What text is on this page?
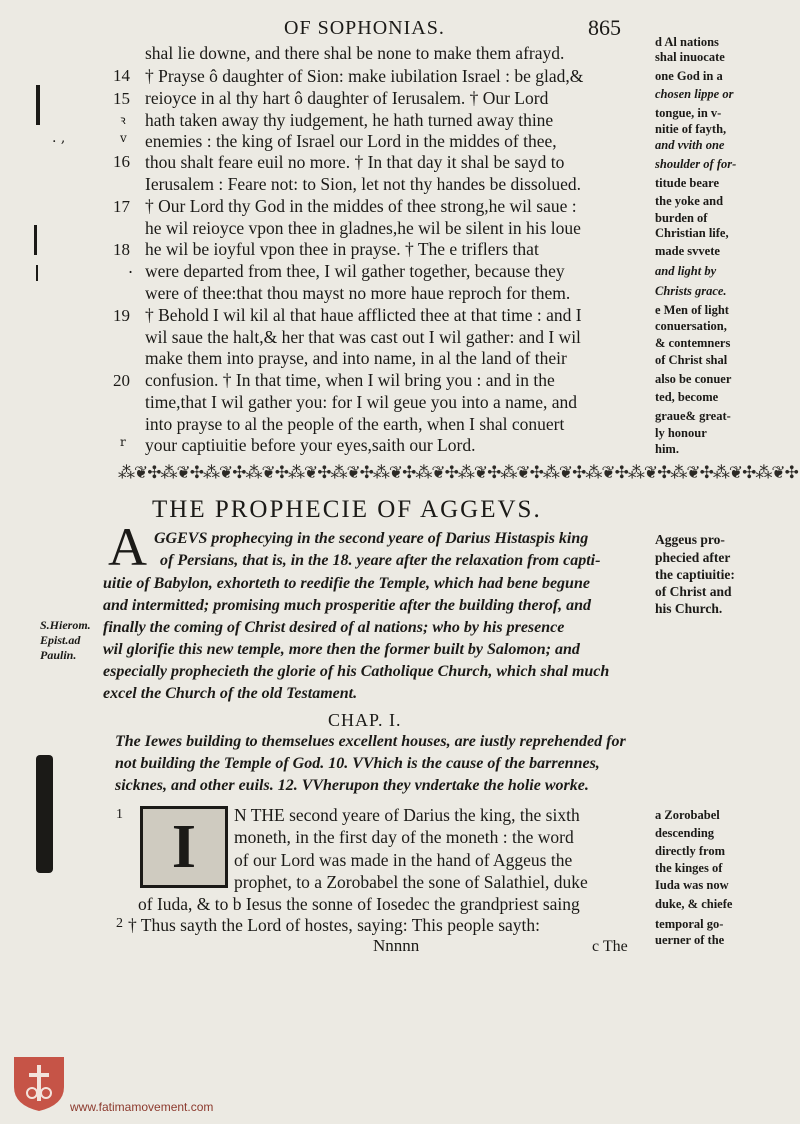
OF SOPHONIAS.	865
ꝛ
v
. ,
.
r
14
15
16
17
18
19
20
shal lie downe, and there shal be none to make them afrayd.
† Prayse ô daughter of Sion: make iubilation Israel : be glad,&
reioyce in al thy hart ô daughter of Ierusalem. † Our Lord
hath taken away thy iudgement, he hath turned away thine
enemies : the king of Israel our Lord in the middes of thee,
thou shalt feare euil no more. † In that day it shal be sayd to
Ierusalem : Feare not: to Sion, let not thy handes be dissolued.
† Our Lord thy God in the middes of thee strong,he wil saue :
he wil reioyce vpon thee in gladnes,he wil be silent in his loue
he wil be ioyful vpon thee in prayse. † The e triflers that
were departed from thee, I wil gather together, because they
were of thee:that thou mayst no more haue reproch for them.
† Behold I wil kil al that haue afflicted thee at that time : and I
wil saue the halt,& her that was cast out I wil gather: and I wil
make them into prayse, and into name, in al the land of their
confusion. † In that time, when I wil bring you : and in the
time,that I wil gather you: for I wil geue you into a name, and
into prayse to al the people of the earth, when I shal conuert
your captiuitie before your eyes,saith our Lord.
d Al nations
shal inuocate
one God in a
chosen lippe or
tongue, in v-
nitie of fayth,
and vvith one
shoulder of for-
titude beare
the yoke and
burden of
Christian life,
made svvete
and light by
Christs grace.
e Men of light
conuersation,
& contemners
of Christ shal
also be conuer
ted, become
graue& great-
ly honour
him.
⁂❦✣⁂❦✣⁂❦✣⁂❦✣⁂❦✣⁂❦✣⁂❦✣⁂❦✣⁂❦✣⁂❦✣⁂❦✣⁂❦✣⁂❦✣⁂❦✣⁂❦✣⁂❦✣
THE PROPHECIE OF AGGEVS.
A GGEVS prophecying in the second yeare of Darius Histaspis king
of Persians, that is, in the 18. yeare after the relaxation from capti-
uitie of Babylon, exhorteth to reedifie the Temple, which had bene begune
and intermitted; promising much prosperitie after the building therof, and
finally the coming of Christ desired of al nations; who by his presence
wil glorifie this new temple, more then the former built by Salomon; and
especially prophecieth the glorie of his Catholique Church, which shal much
excel the Church of the old Testament.
S.Hierom.
Epist.ad
Paulin.
Aggeus pro-
phecied after
the captiuitie:
of Christ and
his Church.
CHAP. I.
The Iewes building to themselues excellent houses, are iustly reprehended for
not building the Temple of God. 10. VVhich is the cause of the barrennes,
sicknes, and other euils. 12. VVherupon they vndertake the holie worke.
I
1
2
N THE second yeare of Darius the king, the sixth
moneth, in the first day of the moneth : the word
of our Lord was made in the hand of Aggeus the
prophet, to a Zorobabel the sone of Salathiel, duke
of Iuda, & to b Iesus the sonne of Iosedec the grandpriest saing
† Thus sayth the Lord of hostes, saying: This people sayth:
Nnnnn	c The
a Zorobabel
descending
directly from
the kinges of
Iuda was now
duke, & chiefe
temporal go-
uerner of the
www.fatimamovement.com
